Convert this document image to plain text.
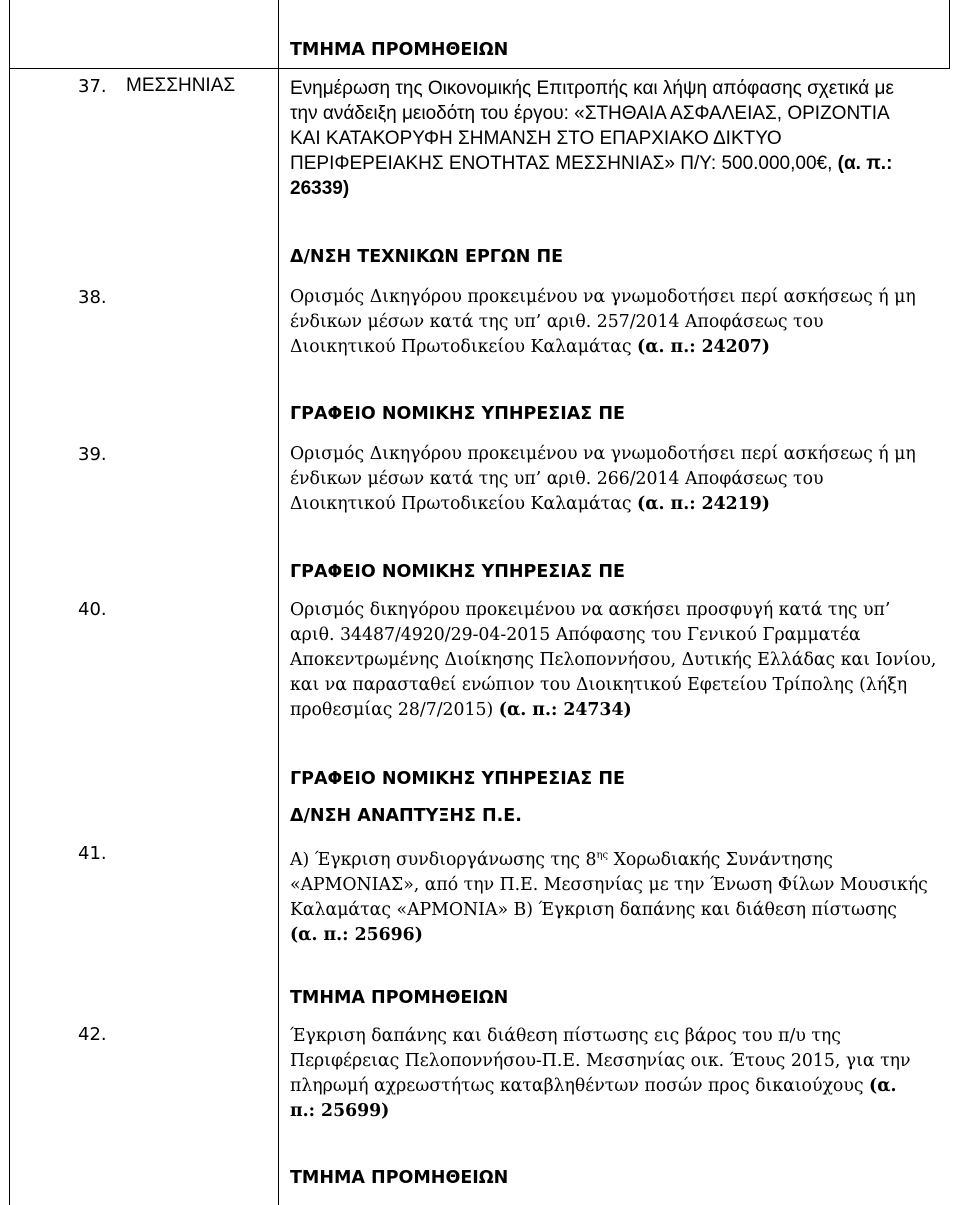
ΤΜΗΜΑ ΠΡΟΜΗΘΕΙΩΝ
37. ΜΕΣΣΗΝΙΑΣ	Ενημέρωση της Οικονομικής Επιτροπής και λήψη απόφασης σχετικά με
την ανάδειξη μειοδότη του έργου: «ΣΤΗΘΑΙΑ ΑΣΦΑΛΕΙΑΣ, ΟΡΙΖΟΝΤΙΑ
ΚΑΙ ΚΑΤΑΚΟΡΥΦΗ ΣΗΜΑΝΣΗ ΣΤΟ ΕΠΑΡΧΙΑΚΟ ΔΙΚΤΥΟ
ΠΕΡΙΦΕΡΕΙΑΚΗΣ ΕΝΟΤΗΤΑΣ ΜΕΣΣΗΝΙΑΣ» Π/Υ: 500.000,00€, (α. π.:
26339)
Δ/ΝΣΗ ΤΕΧΝΙΚΩΝ ΕΡΓΩΝ ΠΕ
38.	Ορισμός Δικηγόρου προκειμένου να γνωμοδοτήσει περί ασκήσεως ή μη
ένδικων μέσων κατά της υπ’ αριθ. 257/2014 Αποφάσεως του
Διοικητικού Πρωτοδικείου Καλαμάτας (α. π.: 24207)
ΓΡΑΦΕΙΟ ΝΟΜΙΚΗΣ ΥΠΗΡΕΣΙΑΣ ΠΕ
39.	Ορισμός Δικηγόρου προκειμένου να γνωμοδοτήσει περί ασκήσεως ή μη
ένδικων μέσων κατά της υπ’ αριθ. 266/2014 Αποφάσεως του
Διοικητικού Πρωτοδικείου Καλαμάτας (α. π.: 24219)
ΓΡΑΦΕΙΟ ΝΟΜΙΚΗΣ ΥΠΗΡΕΣΙΑΣ ΠΕ
40.	Ορισμός δικηγόρου προκειμένου να ασκήσει προσφυγή κατά της υπ’
αριθ. 34487/4920/29-04-2015 Απόφασης του Γενικού Γραμματέα
Αποκεντρωμένης Διοίκησης Πελοποννήσου, Δυτικής Ελλάδας και Ιονίου,
και να παρασταθεί ενώπιον του Διοικητικού Εφετείου Τρίπολης (λήξη
προθεσμίας 28/7/2015) (α. π.: 24734)
ΓΡΑΦΕΙΟ ΝΟΜΙΚΗΣ ΥΠΗΡΕΣΙΑΣ ΠΕ
Δ/ΝΣΗ ΑΝΑΠΤΥΞΗΣ Π.Ε.
41.	Α) Έγκριση συνδιοργάνωσης της $8^{\eta\varsigma}$ Χορωδιακής Συνάντησης
«ΑΡΜΟΝΙΑΣ», από την Π.Ε. Μεσσηνίας με την Ένωση Φίλων Μουσικής
Καλαμάτας «ΑΡΜΟΝΙΑ» Β) Έγκριση δαπάνης και διάθεση πίστωσης
(α. π.: 25696)
ΤΜΗΜΑ ΠΡΟΜΗΘΕΙΩΝ
42.	Έγκριση δαπάνης και διάθεση πίστωσης εις βάρος του π/υ της
Περιφέρειας Πελοποννήσου-Π.Ε. Μεσσηνίας οικ. Έτους 2015, για την
πληρωμή αχρεωστήτως καταβληθέντων ποσών προς δικαιούχους (α.
π.: 25699)
ΤΜΗΜΑ ΠΡΟΜΗΘΕΙΩΝ
